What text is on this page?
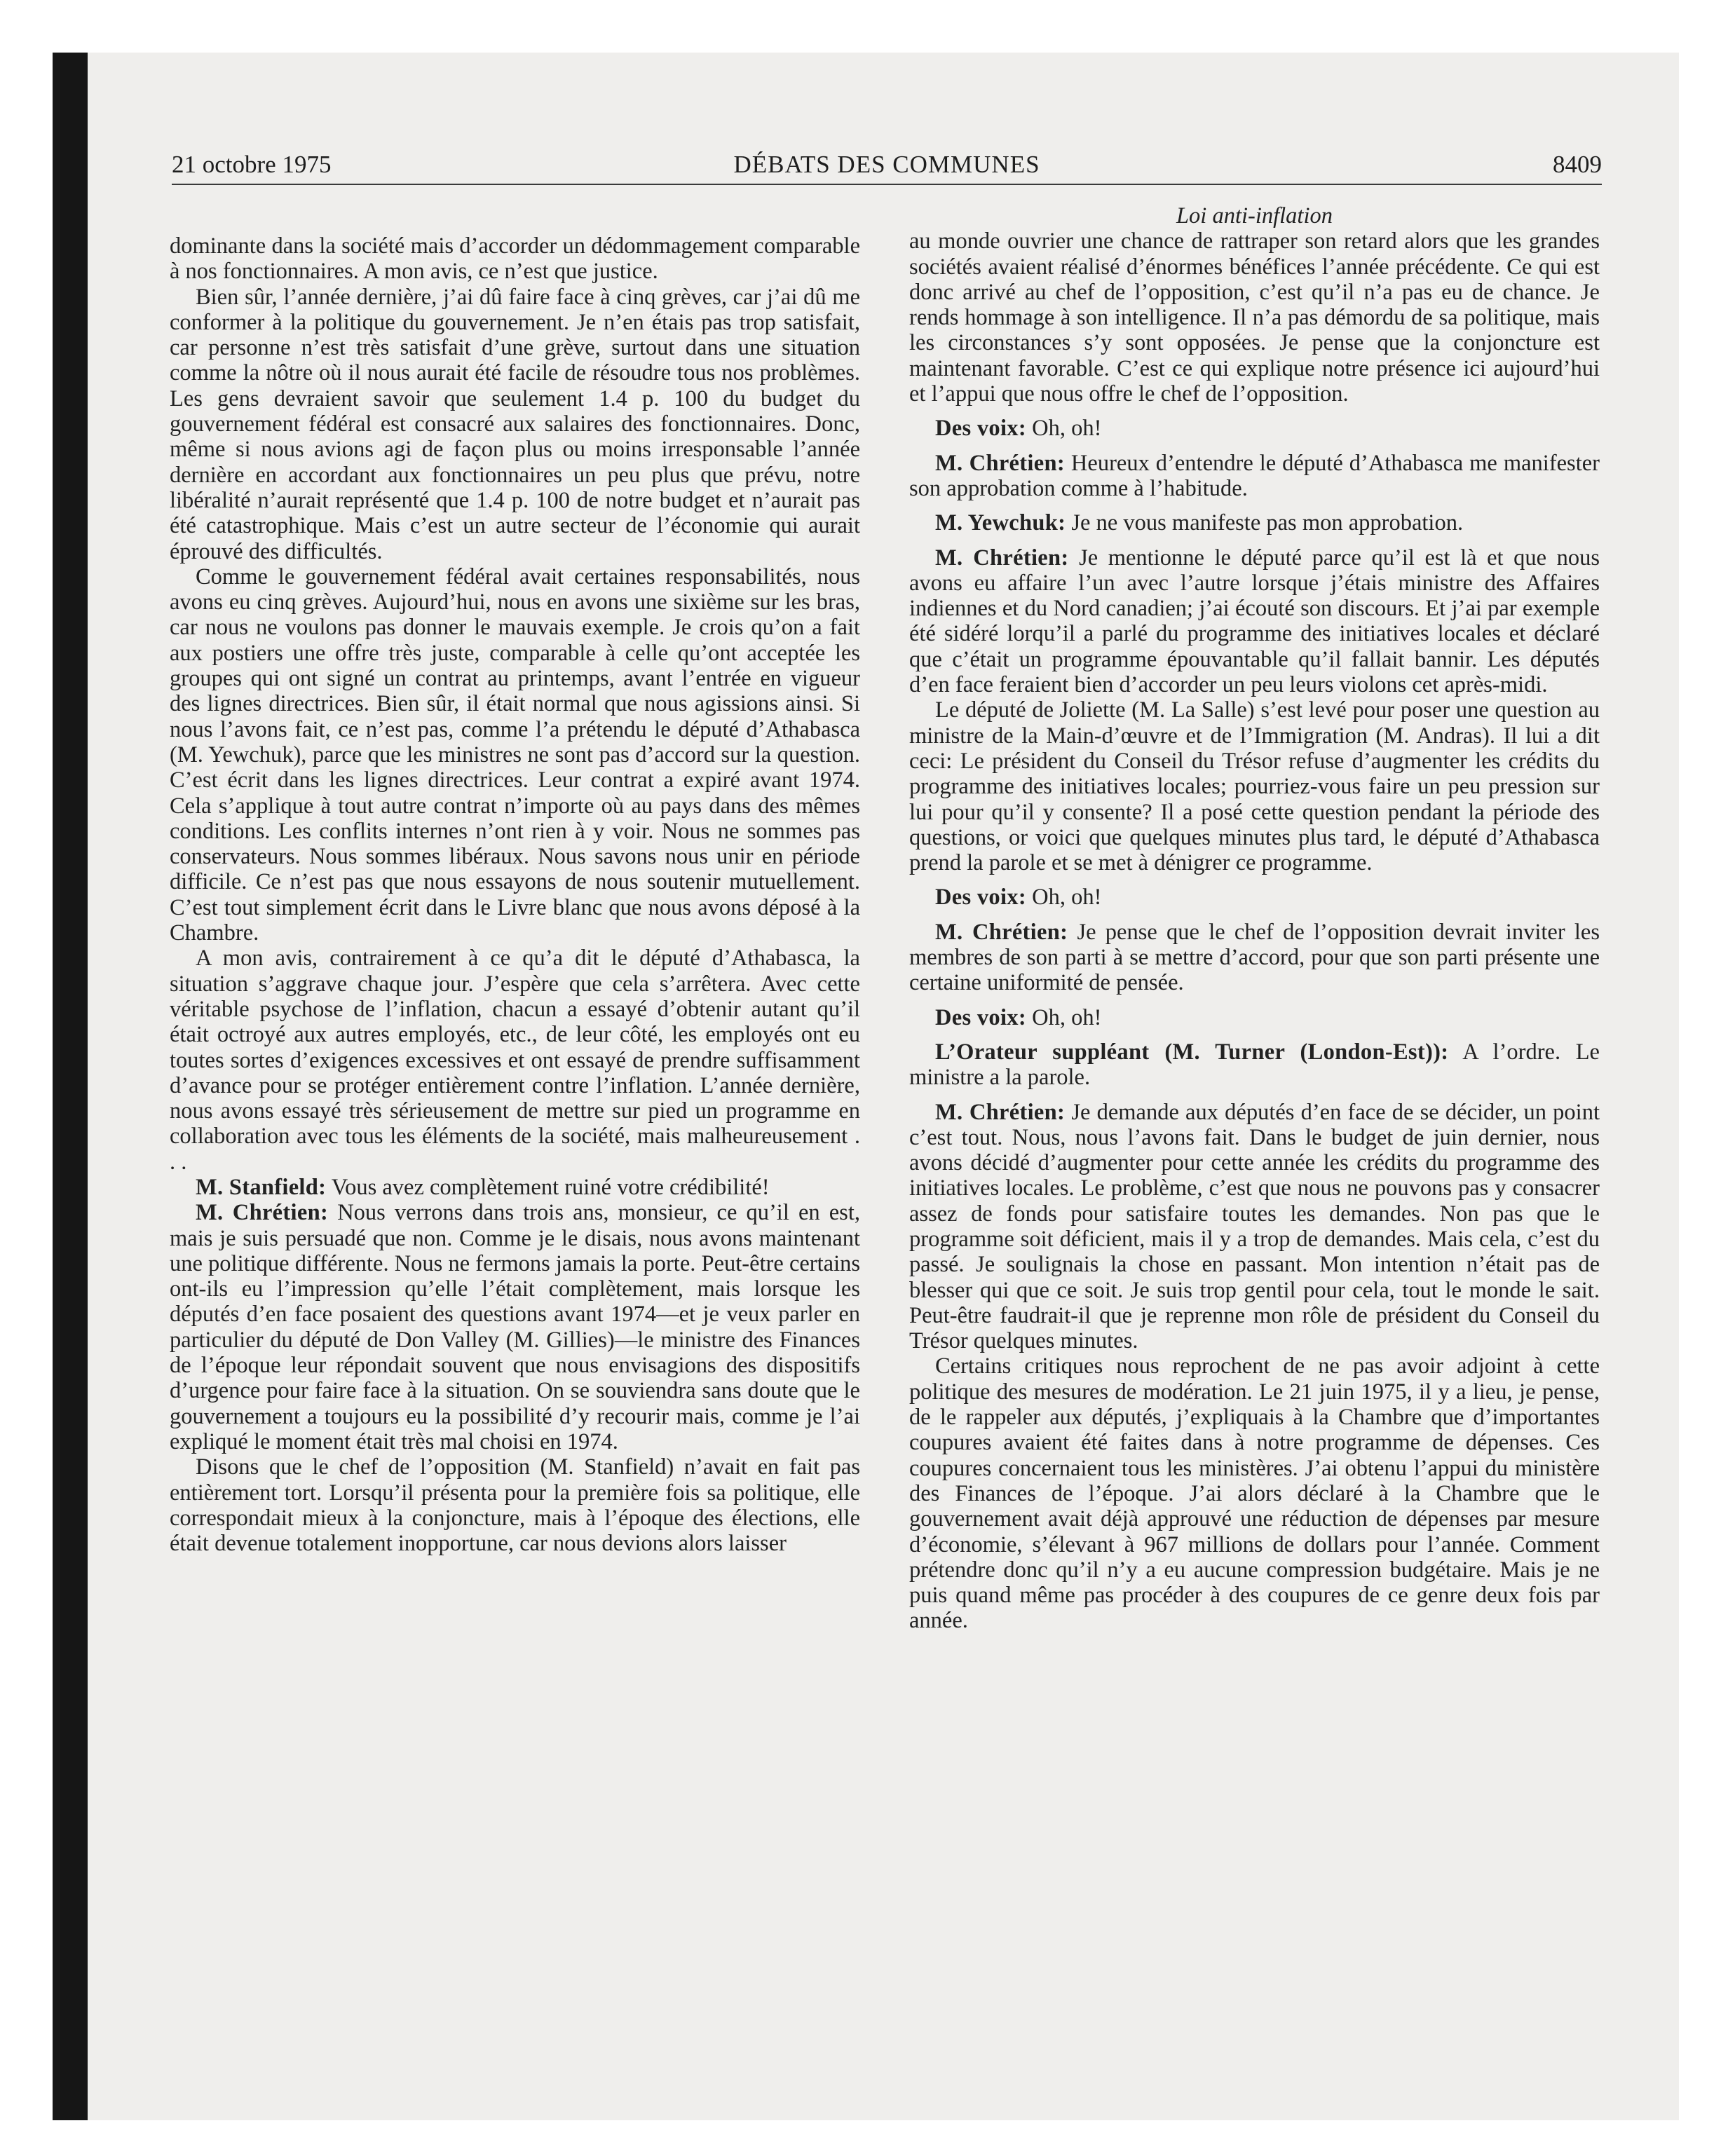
21 octobre 1975	DÉBATS DES COMMUNES	8409

dominante dans la société mais d’accorder un dédommagement comparable à nos fonctionnaires. A mon avis, ce n’est que justice.

Bien sûr, l’année dernière, j’ai dû faire face à cinq grèves, car j’ai dû me conformer à la politique du gouvernement. Je n’en étais pas trop satisfait, car personne n’est très satisfait d’une grève, surtout dans une situation comme la nôtre où il nous aurait été facile de résoudre tous nos problèmes. Les gens devraient savoir que seulement 1.4 p. 100 du budget du gouvernement fédéral est consacré aux salaires des fonctionnaires. Donc, même si nous avions agi de façon plus ou moins irresponsable l’année dernière en accordant aux fonctionnaires un peu plus que prévu, notre libéralité n’aurait représenté que 1.4 p. 100 de notre budget et n’aurait pas été catastrophique. Mais c’est un autre secteur de l’économie qui aurait éprouvé des difficultés.

Comme le gouvernement fédéral avait certaines responsabilités, nous avons eu cinq grèves. Aujourd’hui, nous en avons une sixième sur les bras, car nous ne voulons pas donner le mauvais exemple. Je crois qu’on a fait aux postiers une offre très juste, comparable à celle qu’ont acceptée les groupes qui ont signé un contrat au printemps, avant l’entrée en vigueur des lignes directrices. Bien sûr, il était normal que nous agissions ainsi. Si nous l’avons fait, ce n’est pas, comme l’a prétendu le député d’Athabasca (M. Yewchuk), parce que les ministres ne sont pas d’accord sur la question. C’est écrit dans les lignes directrices. Leur contrat a expiré avant 1974. Cela s’applique à tout autre contrat n’importe où au pays dans des mêmes conditions. Les conflits internes n’ont rien à y voir. Nous ne sommes pas conservateurs. Nous sommes libéraux. Nous savons nous unir en période difficile. Ce n’est pas que nous essayons de nous soutenir mutuellement. C’est tout simplement écrit dans le Livre blanc que nous avons déposé à la Chambre.

A mon avis, contrairement à ce qu’a dit le député d’Athabasca, la situation s’aggrave chaque jour. J’espère que cela s’arrêtera. Avec cette véritable psychose de l’inflation, chacun a essayé d’obtenir autant qu’il était octroyé aux autres employés, etc., de leur côté, les employés ont eu toutes sortes d’exigences excessives et ont essayé de prendre suffisamment d’avance pour se protéger entièrement contre l’inflation. L’année dernière, nous avons essayé très sérieusement de mettre sur pied un programme en collaboration avec tous les éléments de la société, mais malheureusement . . .

M. Stanfield: Vous avez complètement ruiné votre crédibilité!

M. Chrétien: Nous verrons dans trois ans, monsieur, ce qu’il en est, mais je suis persuadé que non. Comme je le disais, nous avons maintenant une politique différente. Nous ne fermons jamais la porte. Peut-être certains ont-ils eu l’impression qu’elle l’était complètement, mais lorsque les députés d’en face posaient des questions avant 1974—et je veux parler en particulier du député de Don Valley (M. Gillies)—le ministre des Finances de l’époque leur répondait souvent que nous envisagions des dispositifs d’urgence pour faire face à la situation. On se souviendra sans doute que le gouvernement a toujours eu la possibilité d’y recourir mais, comme je l’ai expliqué le moment était très mal choisi en 1974.

Disons que le chef de l’opposition (M. Stanfield) n’avait en fait pas entièrement tort. Lorsqu’il présenta pour la première fois sa politique, elle correspondait mieux à la conjoncture, mais à l’époque des élections, elle était devenue totalement inopportune, car nous devions alors laisser

Loi anti-inflation

au monde ouvrier une chance de rattraper son retard alors que les grandes sociétés avaient réalisé d’énormes bénéfices l’année précédente. Ce qui est donc arrivé au chef de l’opposition, c’est qu’il n’a pas eu de chance. Je rends hommage à son intelligence. Il n’a pas démordu de sa politique, mais les circonstances s’y sont opposées. Je pense que la conjoncture est maintenant favorable. C’est ce qui explique notre présence ici aujourd’hui et l’appui que nous offre le chef de l’opposition.

Des voix: Oh, oh!

M. Chrétien: Heureux d’entendre le député d’Athabasca me manifester son approbation comme à l’habitude.

M. Yewchuk: Je ne vous manifeste pas mon approbation.

M. Chrétien: Je mentionne le député parce qu’il est là et que nous avons eu affaire l’un avec l’autre lorsque j’étais ministre des Affaires indiennes et du Nord canadien; j’ai écouté son discours. Et j’ai par exemple été sidéré lorqu’il a parlé du programme des initiatives locales et déclaré que c’était un programme épouvantable qu’il fallait bannir. Les députés d’en face feraient bien d’accorder un peu leurs violons cet après-midi.

Le député de Joliette (M. La Salle) s’est levé pour poser une question au ministre de la Main-d’œuvre et de l’Immigration (M. Andras). Il lui a dit ceci: Le président du Conseil du Trésor refuse d’augmenter les crédits du programme des initiatives locales; pourriez-vous faire un peu pression sur lui pour qu’il y consente? Il a posé cette question pendant la période des questions, or voici que quelques minutes plus tard, le député d’Athabasca prend la parole et se met à dénigrer ce programme.

Des voix: Oh, oh!

M. Chrétien: Je pense que le chef de l’opposition devrait inviter les membres de son parti à se mettre d’accord, pour que son parti présente une certaine uniformité de pensée.

Des voix: Oh, oh!

L’Orateur suppléant (M. Turner (London-Est)): A l’ordre. Le ministre a la parole.

M. Chrétien: Je demande aux députés d’en face de se décider, un point c’est tout. Nous, nous l’avons fait. Dans le budget de juin dernier, nous avons décidé d’augmenter pour cette année les crédits du programme des initiatives locales. Le problème, c’est que nous ne pouvons pas y consacrer assez de fonds pour satisfaire toutes les demandes. Non pas que le programme soit déficient, mais il y a trop de demandes. Mais cela, c’est du passé. Je soulignais la chose en passant. Mon intention n’était pas de blesser qui que ce soit. Je suis trop gentil pour cela, tout le monde le sait. Peut-être faudrait-il que je reprenne mon rôle de président du Conseil du Trésor quelques minutes.

Certains critiques nous reprochent de ne pas avoir adjoint à cette politique des mesures de modération. Le 21 juin 1975, il y a lieu, je pense, de le rappeler aux députés, j’expliquais à la Chambre que d’importantes coupures avaient été faites dans à notre programme de dépenses. Ces coupures concernaient tous les ministères. J’ai obtenu l’appui du ministère des Finances de l’époque. J’ai alors déclaré à la Chambre que le gouvernement avait déjà approuvé une réduction de dépenses par mesure d’économie, s’élevant à 967 millions de dollars pour l’année. Comment prétendre donc qu’il n’y a eu aucune compression budgétaire. Mais je ne puis quand même pas procéder à des coupures de ce genre deux fois par année.
